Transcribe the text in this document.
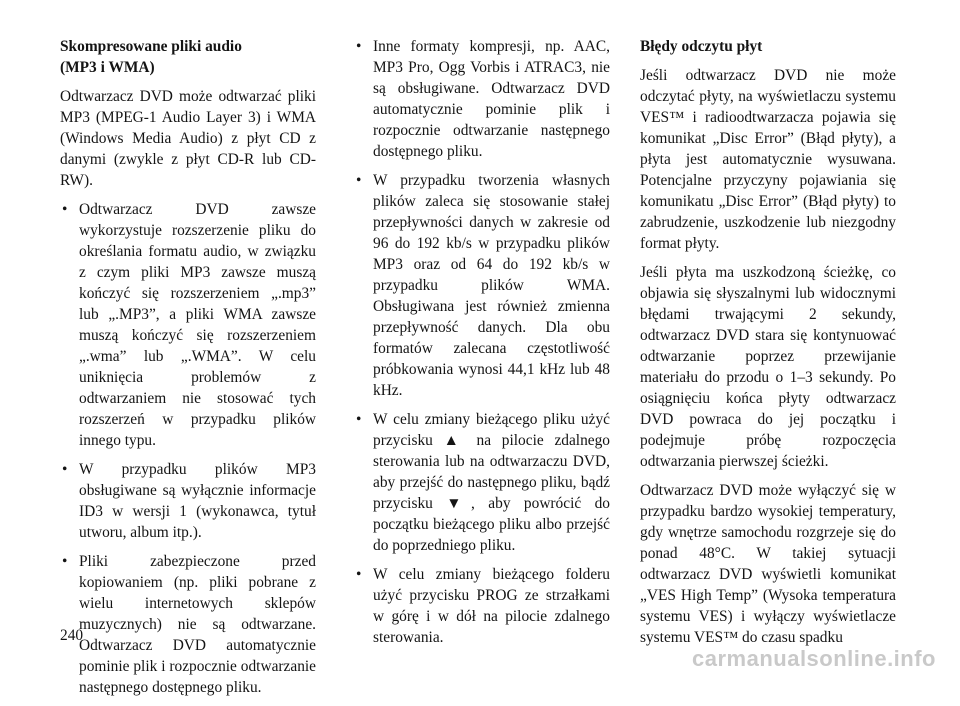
Skompresowane pliki audio
(MP3 i WMA)

Odtwarzacz DVD może odtwarzać pliki MP3 (MPEG-1 Audio Layer 3) i WMA (Windows Media Audio) z płyt CD z danymi (zwykle z płyt CD-R lub CD-RW).

• Odtwarzacz DVD zawsze wykorzystuje rozszerzenie pliku do określania formatu audio, w związku z czym pliki MP3 zawsze muszą kończyć się rozszerzeniem „.mp3” lub „.MP3”, a pliki WMA zawsze muszą kończyć się rozszerzeniem „.wma” lub „.WMA”. W celu uniknięcia problemów z odtwarzaniem nie stosować tych rozszerzeń w przypadku plików innego typu.
• W przypadku plików MP3 obsługiwane są wyłącznie informacje ID3 w wersji 1 (wykonawca, tytuł utworu, album itp.).
• Pliki zabezpieczone przed kopiowaniem (np. pliki pobrane z wielu internetowych sklepów muzycznych) nie są odtwarzane. Odtwarzacz DVD automatycznie pominie plik i rozpocznie odtwarzanie następnego dostępnego pliku.
• Inne formaty kompresji, np. AAC, MP3 Pro, Ogg Vorbis i ATRAC3, nie są obsługiwane. Odtwarzacz DVD automatycznie pominie plik i rozpocznie odtwarzanie następnego dostępnego pliku.
• W przypadku tworzenia własnych plików zaleca się stosowanie stałej przepływności danych w zakresie od 96 do 192 kb/s w przypadku plików MP3 oraz od 64 do 192 kb/s w przypadku plików WMA. Obsługiwana jest również zmienna przepływność danych. Dla obu formatów zalecana częstotliwość próbkowania wynosi 44,1 kHz lub 48 kHz.
• W celu zmiany bieżącego pliku użyć przycisku ▲ na pilocie zdalnego sterowania lub na odtwarzaczu DVD, aby przejść do następnego pliku, bądź przycisku ▼, aby powrócić do początku bieżącego pliku albo przejść do poprzedniego pliku.
• W celu zmiany bieżącego folderu użyć przycisku PROG ze strzałkami w górę i w dół na pilocie zdalnego sterowania.
Błędy odczytu płyt

Jeśli odtwarzacz DVD nie może odczytać płyty, na wyświetlaczu systemu VES™ i radioodtwarzacza pojawia się komunikat „Disc Error” (Błąd płyty), a płyta jest automatycznie wysuwana. Potencjalne przyczyny pojawiania się komunikatu „Disc Error” (Błąd płyty) to zabrudzenie, uszkodzenie lub niezgodny format płyty.

Jeśli płyta ma uszkodzoną ścieżkę, co objawia się słyszalnymi lub widocznymi błędami trwającymi 2 sekundy, odtwarzacz DVD stara się kontynuować odtwarzanie poprzez przewijanie materiału do przodu o 1–3 sekundy. Po osiągnięciu końca płyty odtwarzacz DVD powraca do jej początku i podejmuje próbę rozpoczęcia odtwarzania pierwszej ścieżki.

Odtwarzacz DVD może wyłączyć się w przypadku bardzo wysokiej temperatury, gdy wnętrze samochodu rozgrzeje się do ponad 48°C. W takiej sytuacji odtwarzacz DVD wyświetli komunikat „VES High Temp” (Wysoka temperatura systemu VES) i wyłączy wyświetlacze systemu VES™ do czasu spadku

240
carmanualsonline.info
